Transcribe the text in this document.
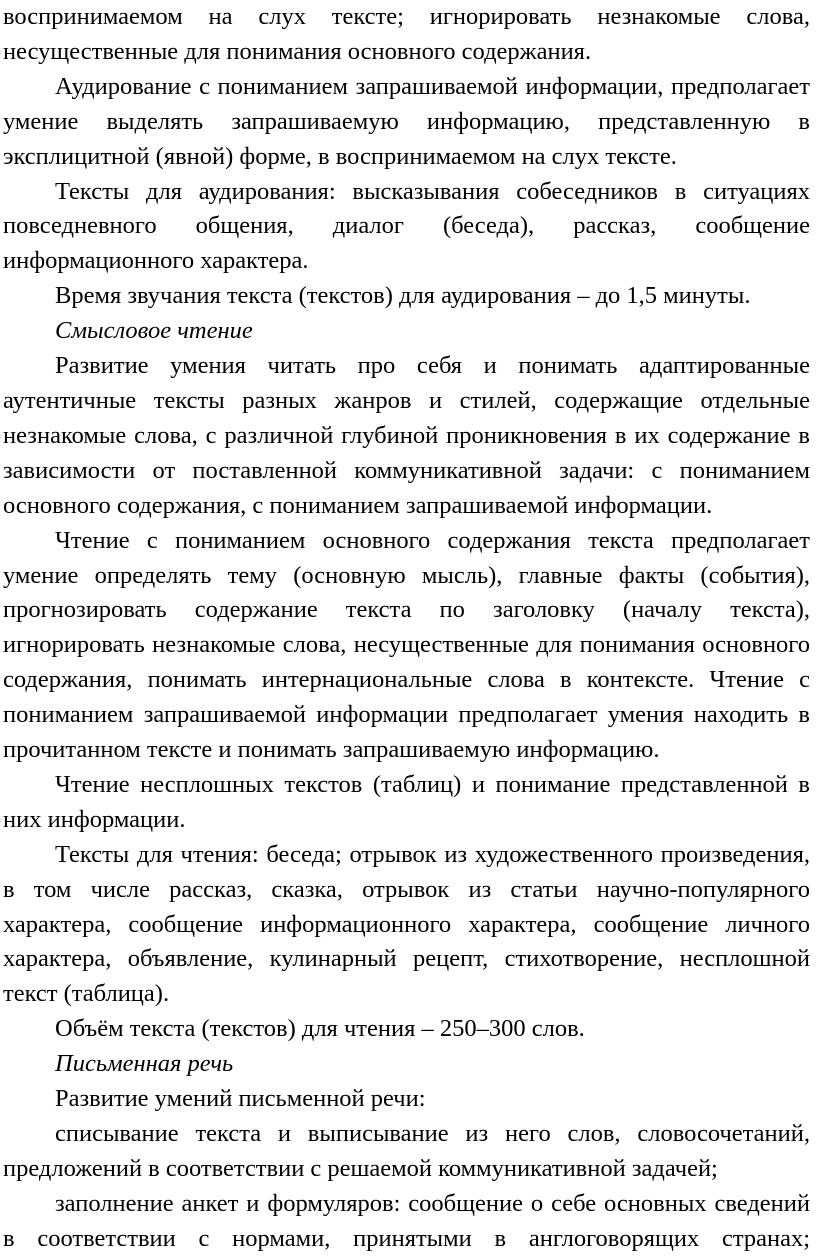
воспринимаемом на слух тексте; игнорировать незнакомые слова, несущественные для понимания основного содержания.

Аудирование с пониманием запрашиваемой информации, предполагает умение выделять запрашиваемую информацию, представленную в эксплицитной (явной) форме, в воспринимаемом на слух тексте.

Тексты для аудирования: высказывания собеседников в ситуациях повседневного общения, диалог (беседа), рассказ, сообщение информационного характера.

Время звучания текста (текстов) для аудирования – до 1,5 минуты.

Смысловое чтение

Развитие умения читать про себя и понимать адаптированные аутентичные тексты разных жанров и стилей, содержащие отдельные незнакомые слова, с различной глубиной проникновения в их содержание в зависимости от поставленной коммуникативной задачи: с пониманием основного содержания, с пониманием запрашиваемой информации.

Чтение с пониманием основного содержания текста предполагает умение определять тему (основную мысль), главные факты (события), прогнозировать содержание текста по заголовку (началу текста), игнорировать незнакомые слова, несущественные для понимания основного содержания, понимать интернациональные слова в контексте. Чтение с пониманием запрашиваемой информации предполагает умения находить в прочитанном тексте и понимать запрашиваемую информацию.

Чтение несплошных текстов (таблиц) и понимание представленной в них информации.

Тексты для чтения: беседа; отрывок из художественного произведения, в том числе рассказ, сказка, отрывок из статьи научно-популярного характера, сообщение информационного характера, сообщение личного характера, объявление, кулинарный рецепт, стихотворение, несплошной текст (таблица).

Объём текста (текстов) для чтения – 250–300 слов.

Письменная речь

Развитие умений письменной речи:

списывание текста и выписывание из него слов, словосочетаний, предложений в соответствии с решаемой коммуникативной задачей;

заполнение анкет и формуляров: сообщение о себе основных сведений в соответствии с нормами, принятыми в англоговорящих странах;
